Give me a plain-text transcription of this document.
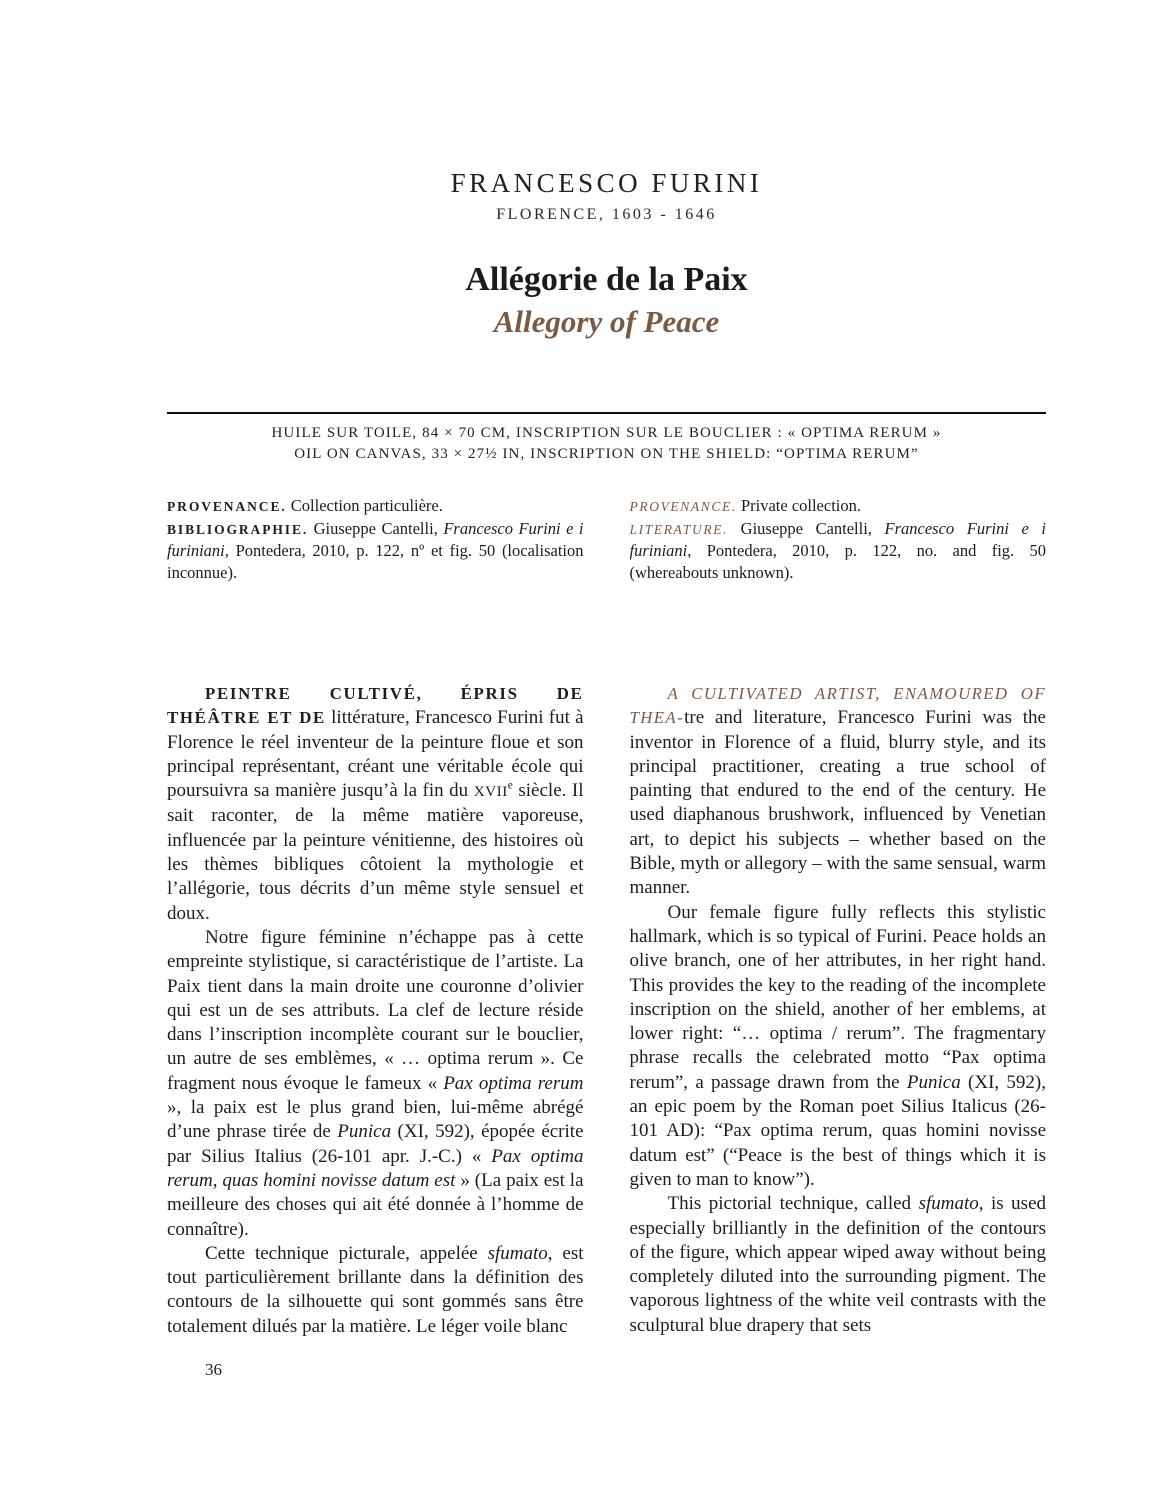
FRANCESCO FURINI
FLORENCE, 1603 - 1646
Allégorie de la Paix
Allegory of Peace
HUILE SUR TOILE, 84 × 70 CM, INSCRIPTION SUR LE BOUCLIER : « OPTIMA RERUM »
OIL ON CANVAS, 33 × 27½ IN, INSCRIPTION ON THE SHIELD: “OPTIMA RERUM”

PROVENANCE. Collection particulière.

BIBLIOGRAPHIE. Giuseppe Cantelli, Francesco Furini e i furiniani, Pontedera, 2010, p. 122, nº et fig. 50 (localisation inconnue).

PROVENANCE. Private collection.

LITERATURE. Giuseppe Cantelli, Francesco Furini e i furiniani, Pontedera, 2010, p. 122, no. and fig. 50 (whereabouts unknown).

PEINTRE CULTIVÉ, ÉPRIS DE THÉÂTRE ET DE littérature, Francesco Furini fut à Florence le réel inventeur de la peinture floue et son principal représentant, créant une véritable école qui poursuivra sa manière jusqu’à la fin du XVIIe siècle. Il sait raconter, de la même matière vaporeuse, influencée par la peinture vénitienne, des histoires où les thèmes bibliques côtoient la mythologie et l’allégorie, tous décrits d’un même style sensuel et doux.

Notre figure féminine n’échappe pas à cette empreinte stylistique, si caractéristique de l’artiste. La Paix tient dans la main droite une couronne d’olivier qui est un de ses attributs. La clef de lecture réside dans l’inscription incomplète courant sur le bouclier, un autre de ses emblèmes, « … optima rerum ». Ce fragment nous évoque le fameux « Pax optima rerum », la paix est le plus grand bien, lui-même abrégé d’une phrase tirée de Punica (XI, 592), épopée écrite par Silius Italius (26-101 apr. J.-C.) « Pax optima rerum, quas homini novisse datum est » (La paix est la meilleure des choses qui ait été donnée à l’homme de connaître).

Cette technique picturale, appelée sfumato, est tout particulièrement brillante dans la définition des contours de la silhouette qui sont gommés sans être totalement dilués par la matière. Le léger voile blanc

A CULTIVATED ARTIST, ENAMOURED OF THEA-tre and literature, Francesco Furini was the inventor in Florence of a fluid, blurry style, and its principal practitioner, creating a true school of painting that endured to the end of the century. He used diaphanous brushwork, influenced by Venetian art, to depict his subjects – whether based on the Bible, myth or allegory – with the same sensual, warm manner.

Our female figure fully reflects this stylistic hallmark, which is so typical of Furini. Peace holds an olive branch, one of her attributes, in her right hand. This provides the key to the reading of the incomplete inscription on the shield, another of her emblems, at lower right: “… optima / rerum”. The fragmentary phrase recalls the celebrated motto “Pax optima rerum”, a passage drawn from the Punica (XI, 592), an epic poem by the Roman poet Silius Italicus (26-101 AD): “Pax optima rerum, quas homini novisse datum est” (“Peace is the best of things which it is given to man to know”).

This pictorial technique, called sfumato, is used especially brilliantly in the definition of the contours of the figure, which appear wiped away without being completely diluted into the surrounding pigment. The vaporous lightness of the white veil contrasts with the sculptural blue drapery that sets

36
